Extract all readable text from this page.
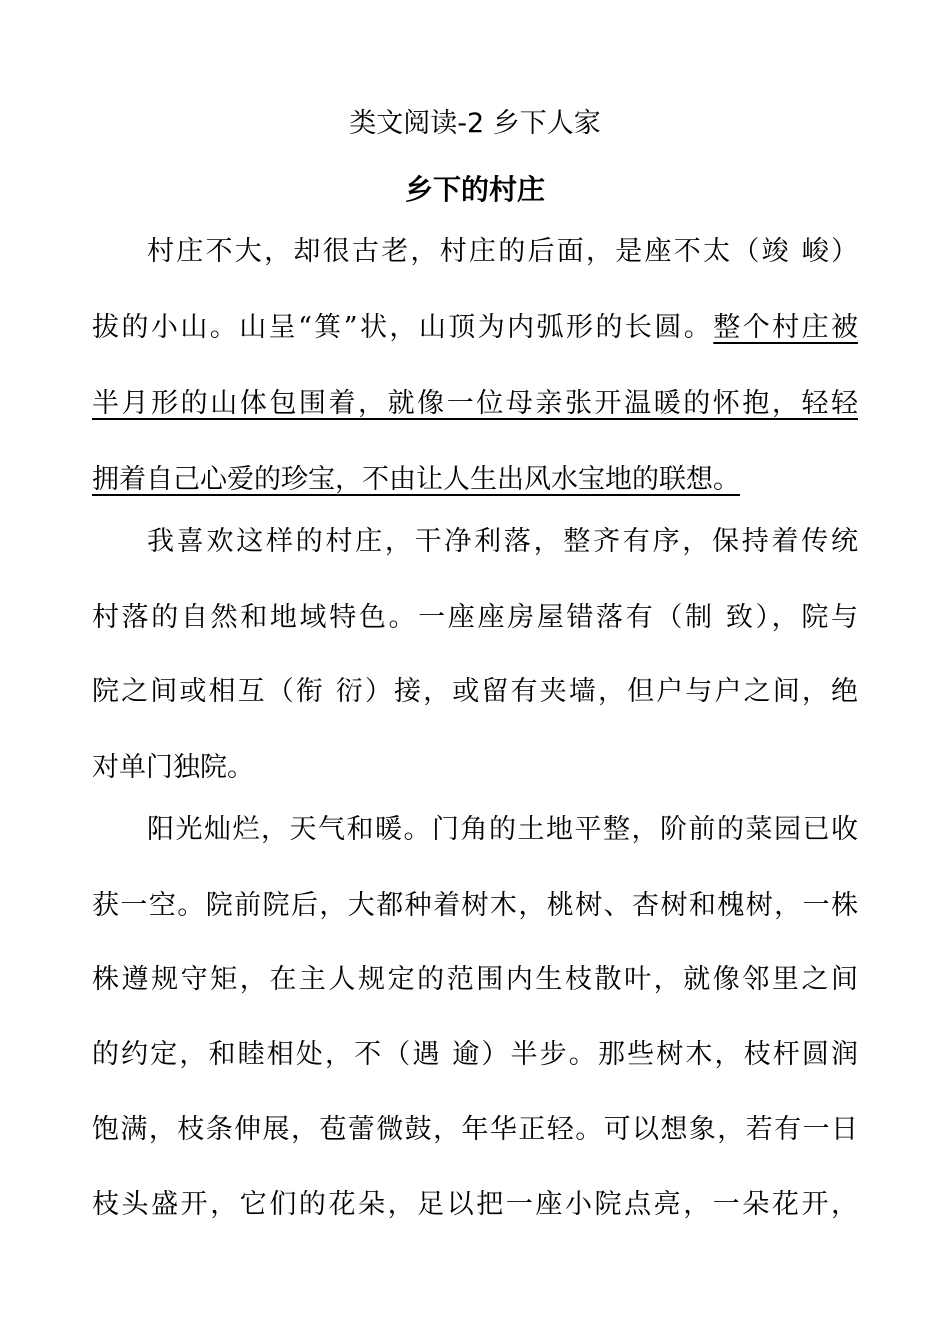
类文阅读-2 乡下人家
乡下的村庄
村庄不大，却很古老，村庄的后面，是座不太（竣 峻）
拔的小山。山呈“箕”状，山顶为内弧形的长圆。整个村庄被
半月形的山体包围着，就像一位母亲张开温暖的怀抱，轻轻
拥着自己心爱的珍宝，不由让人生出风水宝地的联想。
我喜欢这样的村庄，干净利落，整齐有序，保持着传统
村落的自然和地域特色。一座座房屋错落有（制 致），院与
院之间或相互（衔 衍）接，或留有夹墙，但户与户之间，绝
对单门独院。
阳光灿烂，天气和暖。门角的土地平整，阶前的菜园已收
获一空。院前院后，大都种着树木，桃树、杏树和槐树，一株
株遵规守矩，在主人规定的范围内生枝散叶，就像邻里之间
的约定，和睦相处，不（遇 逾）半步。那些树木，枝杆圆润
饱满，枝条伸展，苞蕾微鼓，年华正轻。可以想象，若有一日
枝头盛开，它们的花朵，足以把一座小院点亮，一朵花开，
